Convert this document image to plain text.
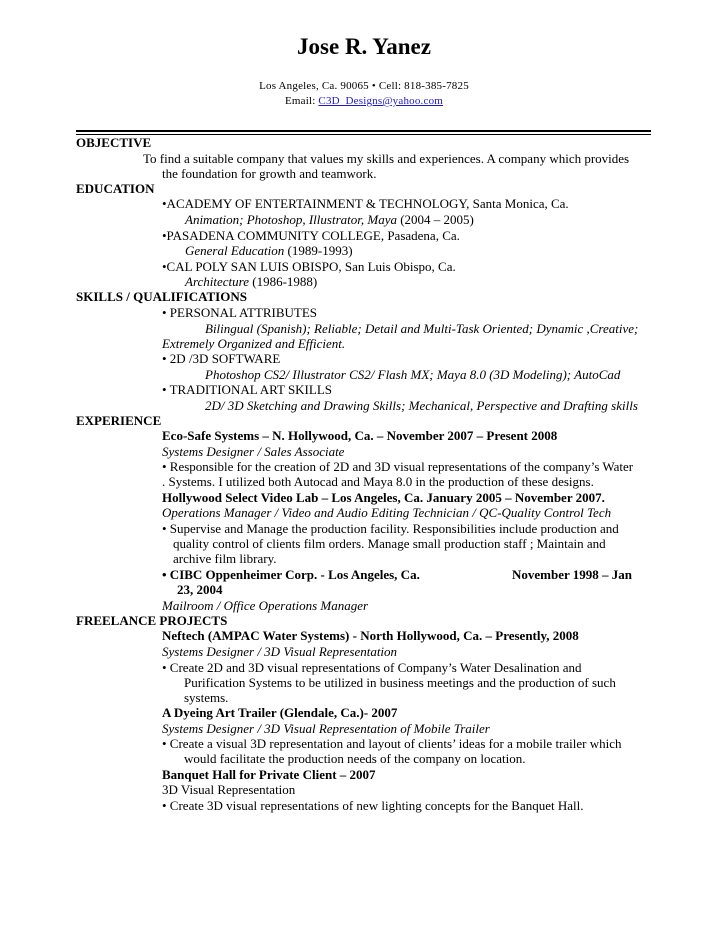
Jose R. Yanez
Los Angeles, Ca. 90065 • Cell: 818-385-7825
Email: C3D_Designs@yahoo.com
OBJECTIVE
To find a suitable company that values my skills and experiences. A company which provides
the foundation for growth and teamwork.
EDUCATION
•ACADEMY OF ENTERTAINMENT & TECHNOLOGY, Santa Monica, Ca.
Animation; Photoshop, Illustrator, Maya (2004 – 2005)
•PASADENA COMMUNITY COLLEGE, Pasadena, Ca.
General Education (1989-1993)
•CAL POLY SAN LUIS OBISPO, San Luis Obispo, Ca.
Architecture (1986-1988)
SKILLS / QUALIFICATIONS
• PERSONAL ATTRIBUTES
Bilingual (Spanish); Reliable; Detail and Multi-Task Oriented; Dynamic ,Creative;
Extremely Organized and Efficient.
• 2D /3D SOFTWARE
Photoshop CS2/ Illustrator CS2/ Flash MX; Maya 8.0 (3D Modeling); AutoCad
• TRADITIONAL ART SKILLS
2D/ 3D Sketching and Drawing Skills; Mechanical, Perspective and Drafting skills
EXPERIENCE
Eco-Safe Systems – N. Hollywood, Ca. – November 2007 – Present 2008
Systems Designer / Sales Associate
• Responsible for the creation of 2D and 3D visual representations of the company’s Water
. Systems. I utilized both Autocad and Maya 8.0 in the production of these designs.
Hollywood Select Video Lab – Los Angeles, Ca. January 2005 – November 2007.
Operations Manager / Video and Audio Editing Technician / QC-Quality Control Tech
• Supervise and Manage the production facility. Responsibilities include production and
quality control of clients film orders. Manage small production staff ; Maintain and
archive film library.
• CIBC Oppenheimer Corp. - Los Angeles, Ca.	November 1998 – Jan
23, 2004
Mailroom / Office Operations Manager
FREELANCE PROJECTS
Neftech (AMPAC Water Systems) - North Hollywood, Ca. – Presently, 2008
Systems Designer / 3D Visual Representation
• Create 2D and 3D visual representations of Company’s Water Desalination and
Purification Systems to be utilized in business meetings and the production of such
systems.
A Dyeing Art Trailer (Glendale, Ca.)- 2007
Systems Designer / 3D Visual Representation of Mobile Trailer
• Create a visual 3D representation and layout of clients’ ideas for a mobile trailer which
would facilitate the production needs of the company on location.
Banquet Hall for Private Client – 2007
3D Visual Representation
• Create 3D visual representations of new lighting concepts for the Banquet Hall.
